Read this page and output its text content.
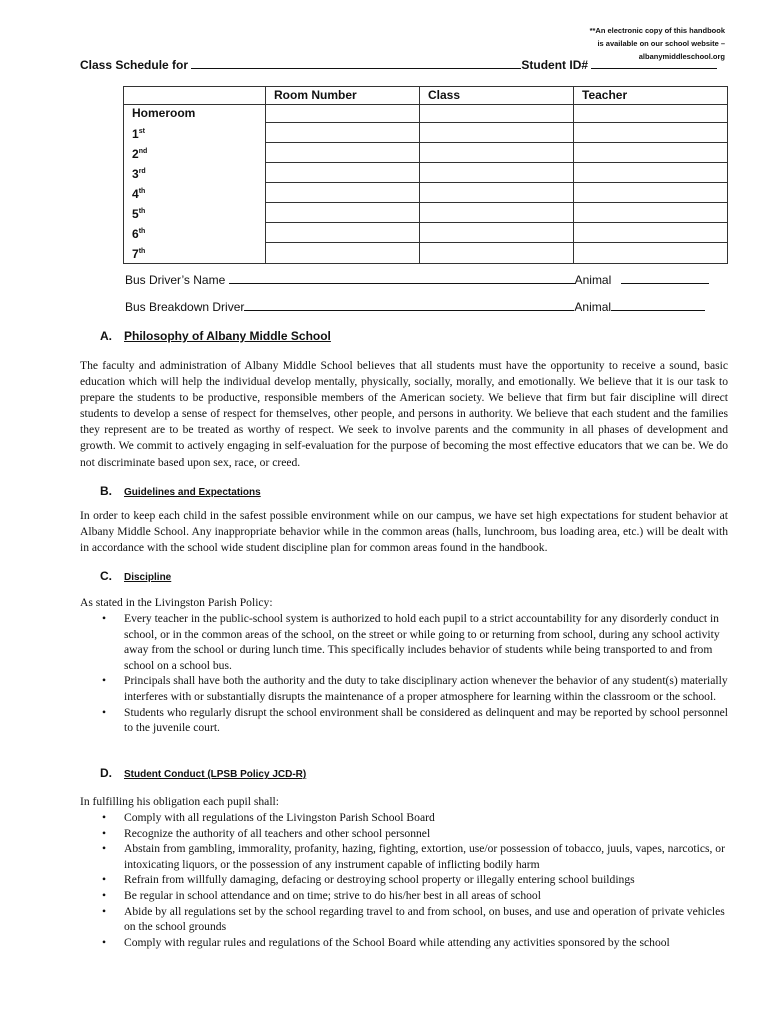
**An electronic copy of this handbook
is available on our school website –
albanymiddleschool.org
Class Schedule for	Student ID#
	Room Number	Class	Teacher
Homeroom			
1st			
2nd			
3rd			
4th			
5th			
6th			
7th			
Bus Driver’s Name	Animal
Bus Breakdown Driver	Animal
A. Philosophy of Albany Middle School
The faculty and administration of Albany Middle School believes that all students must have the opportunity to receive a sound, basic education which will help the individual develop mentally, physically, socially, morally, and emotionally. We believe that it is our task to prepare the students to be productive, responsible members of the American society. We believe that firm but fair discipline will direct students to develop a sense of respect for themselves, other people, and persons in authority. We believe that each student and the families they represent are to be treated as worthy of respect. We seek to involve parents and the community in all phases of development and growth. We commit to actively engaging in self-evaluation for the purpose of becoming the most effective educators that we can be. We do not discriminate based upon sex, race, or creed.
B. Guidelines and Expectations
In order to keep each child in the safest possible environment while on our campus, we have set high expectations for student behavior at Albany Middle School. Any inappropriate behavior while in the common areas (halls, lunchroom, bus loading area, etc.) will be dealt with in accordance with the school wide student discipline plan for common areas found in the handbook.
C. Discipline
As stated in the Livingston Parish Policy:
• Every teacher in the public-school system is authorized to hold each pupil to a strict accountability for any disorderly conduct in school, or in the common areas of the school, on the street or while going to or returning from school, during any school activity away from the school or during lunch time. This specifically includes behavior of students while being transported to and from school on a school bus.
• Principals shall have both the authority and the duty to take disciplinary action whenever the behavior of any student(s) materially interferes with or substantially disrupts the maintenance of a proper atmosphere for learning within the classroom or the school.
• Students who regularly disrupt the school environment shall be considered as delinquent and may be reported by school personnel to the juvenile court.
D. Student Conduct (LPSB Policy JCD-R)
In fulfilling his obligation each pupil shall:
• Comply with all regulations of the Livingston Parish School Board
• Recognize the authority of all teachers and other school personnel
• Abstain from gambling, immorality, profanity, hazing, fighting, extortion, use/or possession of tobacco, juuls, vapes, narcotics, or intoxicating liquors, or the possession of any instrument capable of inflicting bodily harm
• Refrain from willfully damaging, defacing or destroying school property or illegally entering school buildings
• Be regular in school attendance and on time; strive to do his/her best in all areas of school
• Abide by all regulations set by the school regarding travel to and from school, on buses, and use and operation of private vehicles on the school grounds
• Comply with regular rules and regulations of the School Board while attending any activities sponsored by the school
